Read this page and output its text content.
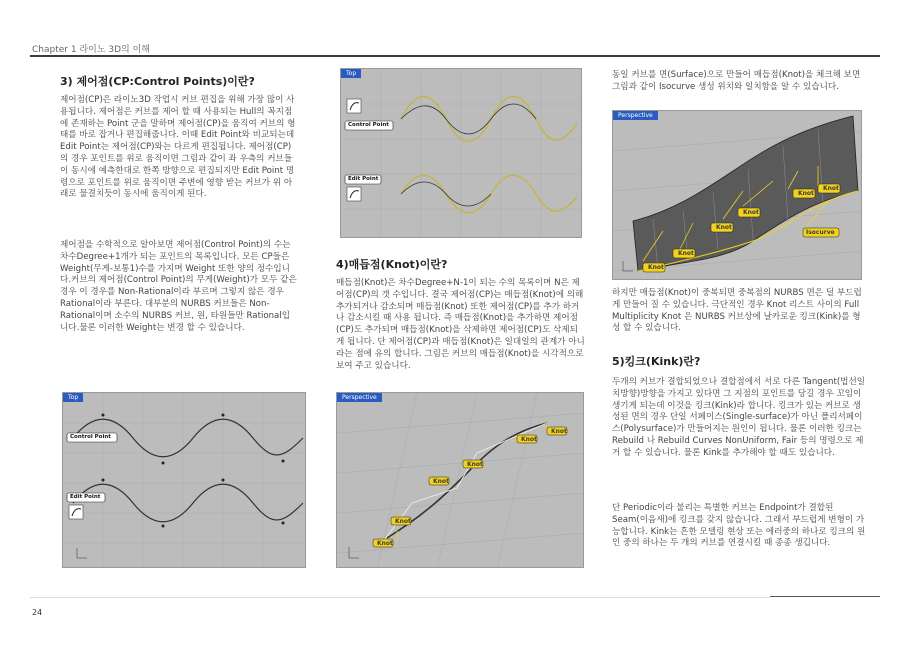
Chapter 1 라이노 3D의 이해
3) 제어점(CP:Control Points)이란?
제어점(CP)은 라이노3D 작업시 커브 편집을 위해 가장 많이 사용됩니다. 제어점은 커브를 제어 할 때 사용되는 Hull의 꼭지점에 존재하는 Point 군을 말하며 제어점(CP)을 움직여 커브의 형태를 바로 잡거나 편집해줍니다. 이때 Edit Point와 비교되는데 Edit Point는 제어점(CP)와는 다르게 편집됩니다. 제어점(CP)의 경우 포인트를 위로 움직이면 그림과 같이 좌 우측의 커브들이 동시에 예측한대로 한쪽 방향으로 편집되지만 Edit Point 명령으로 포인트를 위로 움직이면 주변에 영향 받는 커브가 위 아래로 물결치듯이 동시에 움직이게 된다.
제어점을 수학적으로 알아보면 제어점(Control Point)의 수는 차수Degree+1개가 되는 포인트의 목록입니다. 모든 CP들은 Weight(무게-보통1)수를 가지며 Weight 또한 양의 정수입니다.커브의 제어점(Control Point)의 무게(Weight)가 모두 같은 경우 이 경우를 Non-Rational이라 부르며 그렇지 않은 경우 Rational이라 부른다. 대부분의 NURBS 커브들은 Non-Rational이며 소수의 NURBS 커브, 원, 타원들만 Rational입니다.물론 이러한 Weight는 변경 할 수 있습니다.
Top
Control Point
Edit Point
Top
Control Point
Edit Point
4)매듭점(Knot)이란?
매듭점(Knot)은 차수Degree+N-1이 되는 수의 목록이며 N은 제어점(CP)의 갯 수입니다. 결국 제어점(CP)는 매듭점(Knot)에 의해 추가되거나 감소되며 매듭점(Knot) 또한 제어점(CP)를 추가 하거나 감소시킬 때 사용 됩니다. 즉 매듭점(Knot)을 추가하면 제어점(CP)도 추가되며 매듭점(Knot)을 삭제하면 제어점(CP)도 삭제되게 됩니다. 단 제어점(CP)과 매듭점(Knot)은 일대일의 관계가 아니라는 점에 유의 합니다. 그림은 커브의 매듭점(Knot)을 시각적으로 보여 주고 있습니다.
Perspective
Knot
Knot
Knot
Knot
Knot
Knot
동일 커브를 면(Surface)으로 만들어 매듭점(Knot)을 체크해 보면 그림과 같이 Isocurve 생성 위치와 일치함을 알 수 있습니다.
Perspective
Knot
Knot
Knot
Knot
Knot
Knot
Isocurve
하지만 매듭점(Knot)이 중복되면 중복점의 NURBS 면은 덜 부드럽게 만들어 질 수 있습니다. 극단적인 경우 Knot 리스트 사이의 Full Multiplicity Knot 은 NURBS 커브상에 날카로운 킹크(Kink)를 형성 할 수 있습니다.
5)킹크(Kink)란?
두개의 커브가 결합되었으나 결합점에서 서로 다른 Tangent(법선일치방향)방향을 가지고 있다면 그 지점의 포인트를 당길 경우 꼬임이 생기게 되는데 이것을 킹크(Kink)라 합니다. 킹크가 있는 커브로 생성된 면의 경우 단일 서페이스(Single-surface)가 아닌 폴리서페이스(Polysurface)가 만들어지는 원인이 됩니다. 물론 이러한 킹크는 Rebuild 나 Rebuild Curves NonUniform, Fair 등의 명령으로 제거 할 수 있습니다. 물론 Kink를 추가해야 할 때도 있습니다.
단 Periodic이라 불리는 특별한 커브는 Endpoint가 결합된 Seam(이음새)에 킹크를 갖지 않습니다. 그래서 부드럽게 변형이 가능합니다. Kink는 흔한 모델링 현상 또는 에러중의 하나로 킹크의 원인 중의 하나는 두 개의 커브를 연결시킬 때 종종 생깁니다.
24
